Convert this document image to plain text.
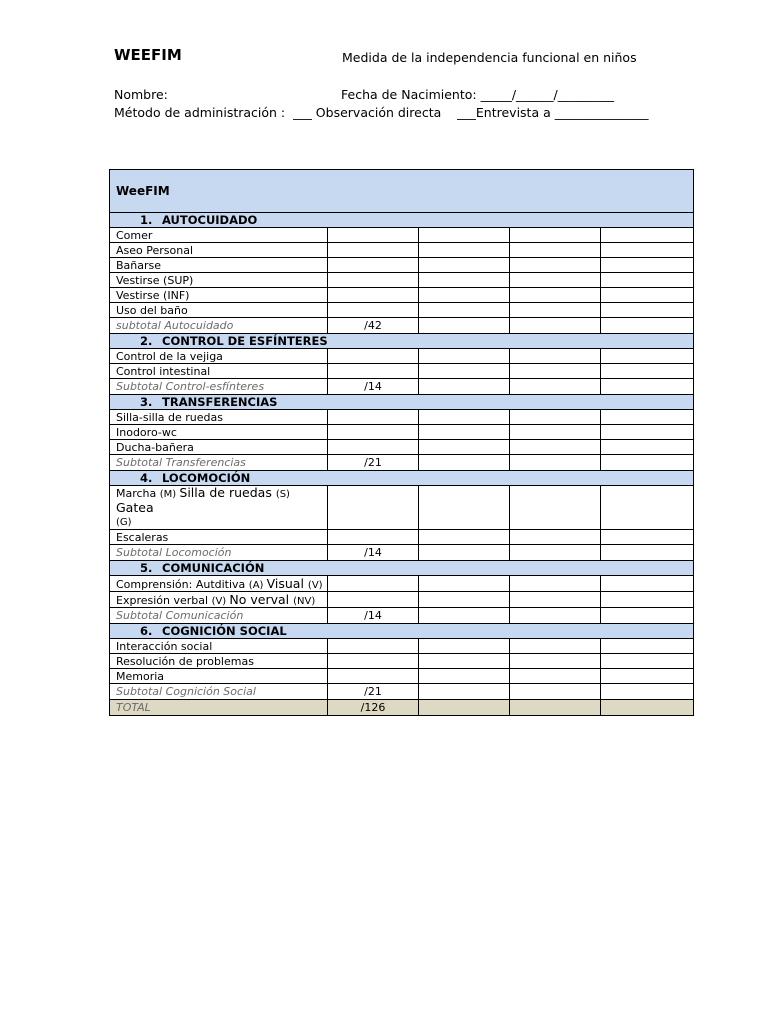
WEEFIM	Medida de la independencia funcional en niños
Nombre:	Fecha de Nacimiento: _____/______/_________
Método de administración :  ___ Observación directa    ___Entrevista a _______________
WeeFIM				
1. AUTOCUIDADO				
Comer				
Aseo Personal				
Bañarse				
Vestirse (SUP)				
Vestirse (INF)				
Uso del baño				
subtotal Autocuidado	/42			
2. CONTROL DE ESFÍNTERES				
Control de la vejiga				
Control intestinal				
Subtotal Control-esfínteres	/14			
3. TRANSFERENCIAS				
Silla-silla de ruedas				
Inodoro-wc				
Ducha-bañera				
Subtotal Transferencias	/21			
4. LOCOMOCIÓN				
Marcha (M) Silla de ruedas (S) Gatea
(G)				
Escaleras				
Subtotal Locomoción	/14			
5. COMUNICACIÓN				
Comprensión: Autditiva (A) Visual (V)				
Expresión verbal (V) No verval (NV)				
Subtotal Comunicación	/14			
6. COGNICIÓN SOCIAL				
Interacción social				
Resolución de problemas				
Memoria				
Subtotal Cognición Social	/21			
TOTAL	/126			
